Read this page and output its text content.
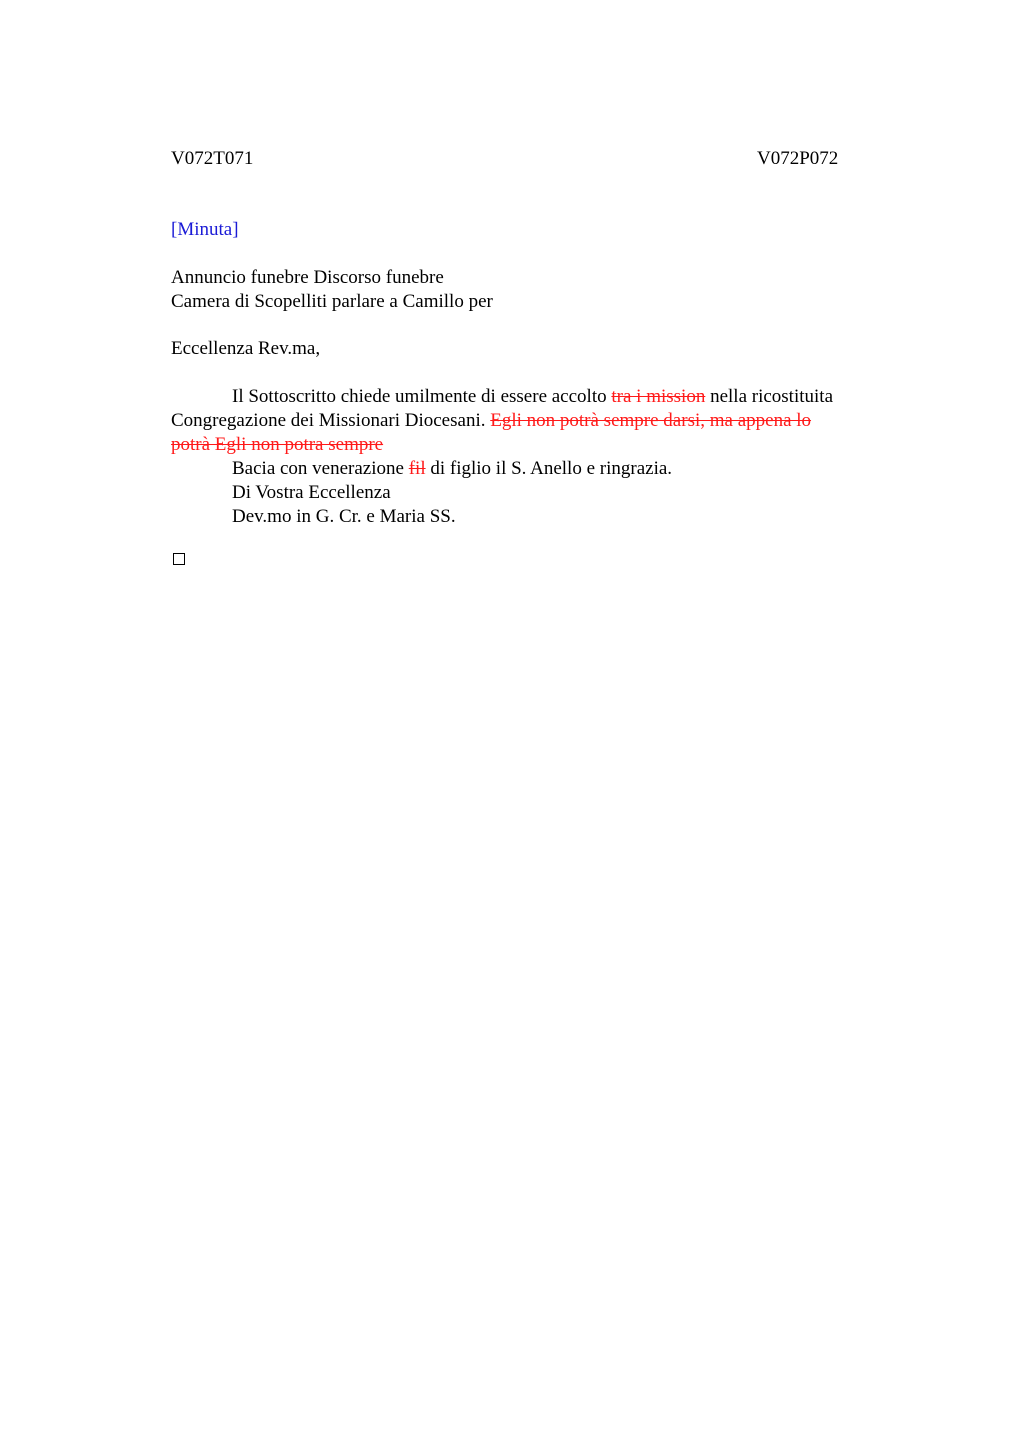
V072T071	V072P072
[Minuta]
Annuncio funebre Discorso funebre
Camera di Scopelliti parlare a Camillo per
Eccellenza Rev.ma,
Il Sottoscritto chiede umilmente di essere accolto tra i mission nella ricostituita Congregazione dei Missionari Diocesani. Egli non potrà sempre darsi, ma appena lo potrà Egli non potra sempre
Bacia con venerazione fil di figlio il S. Anello e ringrazia.
Di Vostra Eccellenza
Dev.mo in G. Cr. e Maria SS.
